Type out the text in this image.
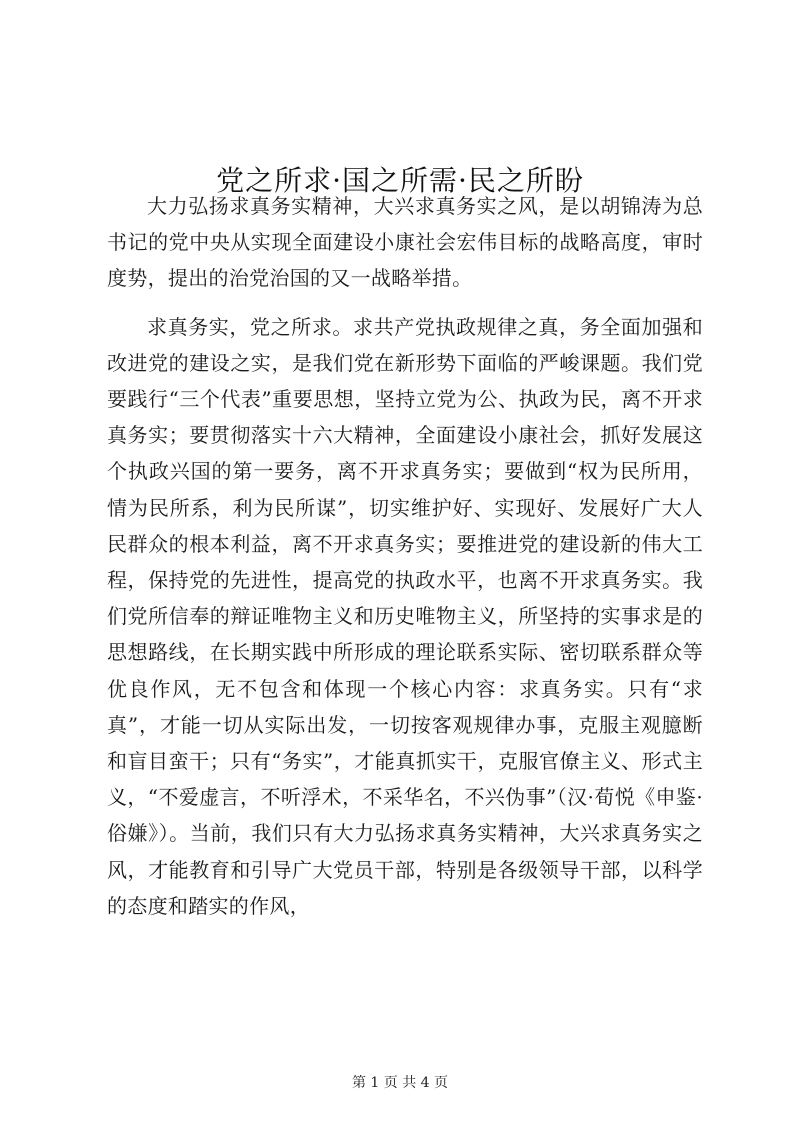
党之所求·国之所需·民之所盼

大力弘扬求真务实精神，大兴求真务实之风，是以胡锦涛为总书记的党中央从实现全面建设小康社会宏伟目标的战略高度，审时度势，提出的治党治国的又一战略举措。

求真务实，党之所求。求共产党执政规律之真，务全面加强和改进党的建设之实，是我们党在新形势下面临的严峻课题。我们党要践行“三个代表”重要思想，坚持立党为公、执政为民，离不开求真务实；要贯彻落实十六大精神，全面建设小康社会，抓好发展这个执政兴国的第一要务，离不开求真务实；要做到“权为民所用，情为民所系，利为民所谋”，切实维护好、实现好、发展好广大人民群众的根本利益，离不开求真务实；要推进党的建设新的伟大工程，保持党的先进性，提高党的执政水平，也离不开求真务实。我们党所信奉的辩证唯物主义和历史唯物主义，所坚持的实事求是的思想路线，在长期实践中所形成的理论联系实际、密切联系群众等优良作风，无不包含和体现一个核心内容：求真务实。只有“求真”，才能一切从实际出发，一切按客观规律办事，克服主观臆断和盲目蛮干；只有“务实”，才能真抓实干，克服官僚主义、形式主义，“不爱虚言，不听浮术，不采华名，不兴伪事”（汉·荀悦《申鉴·俗嫌》）。当前，我们只有大力弘扬求真务实精神，大兴求真务实之风，才能教育和引导广大党员干部，特别是各级领导干部，以科学的态度和踏实的作风，

第 1 页 共 4 页
